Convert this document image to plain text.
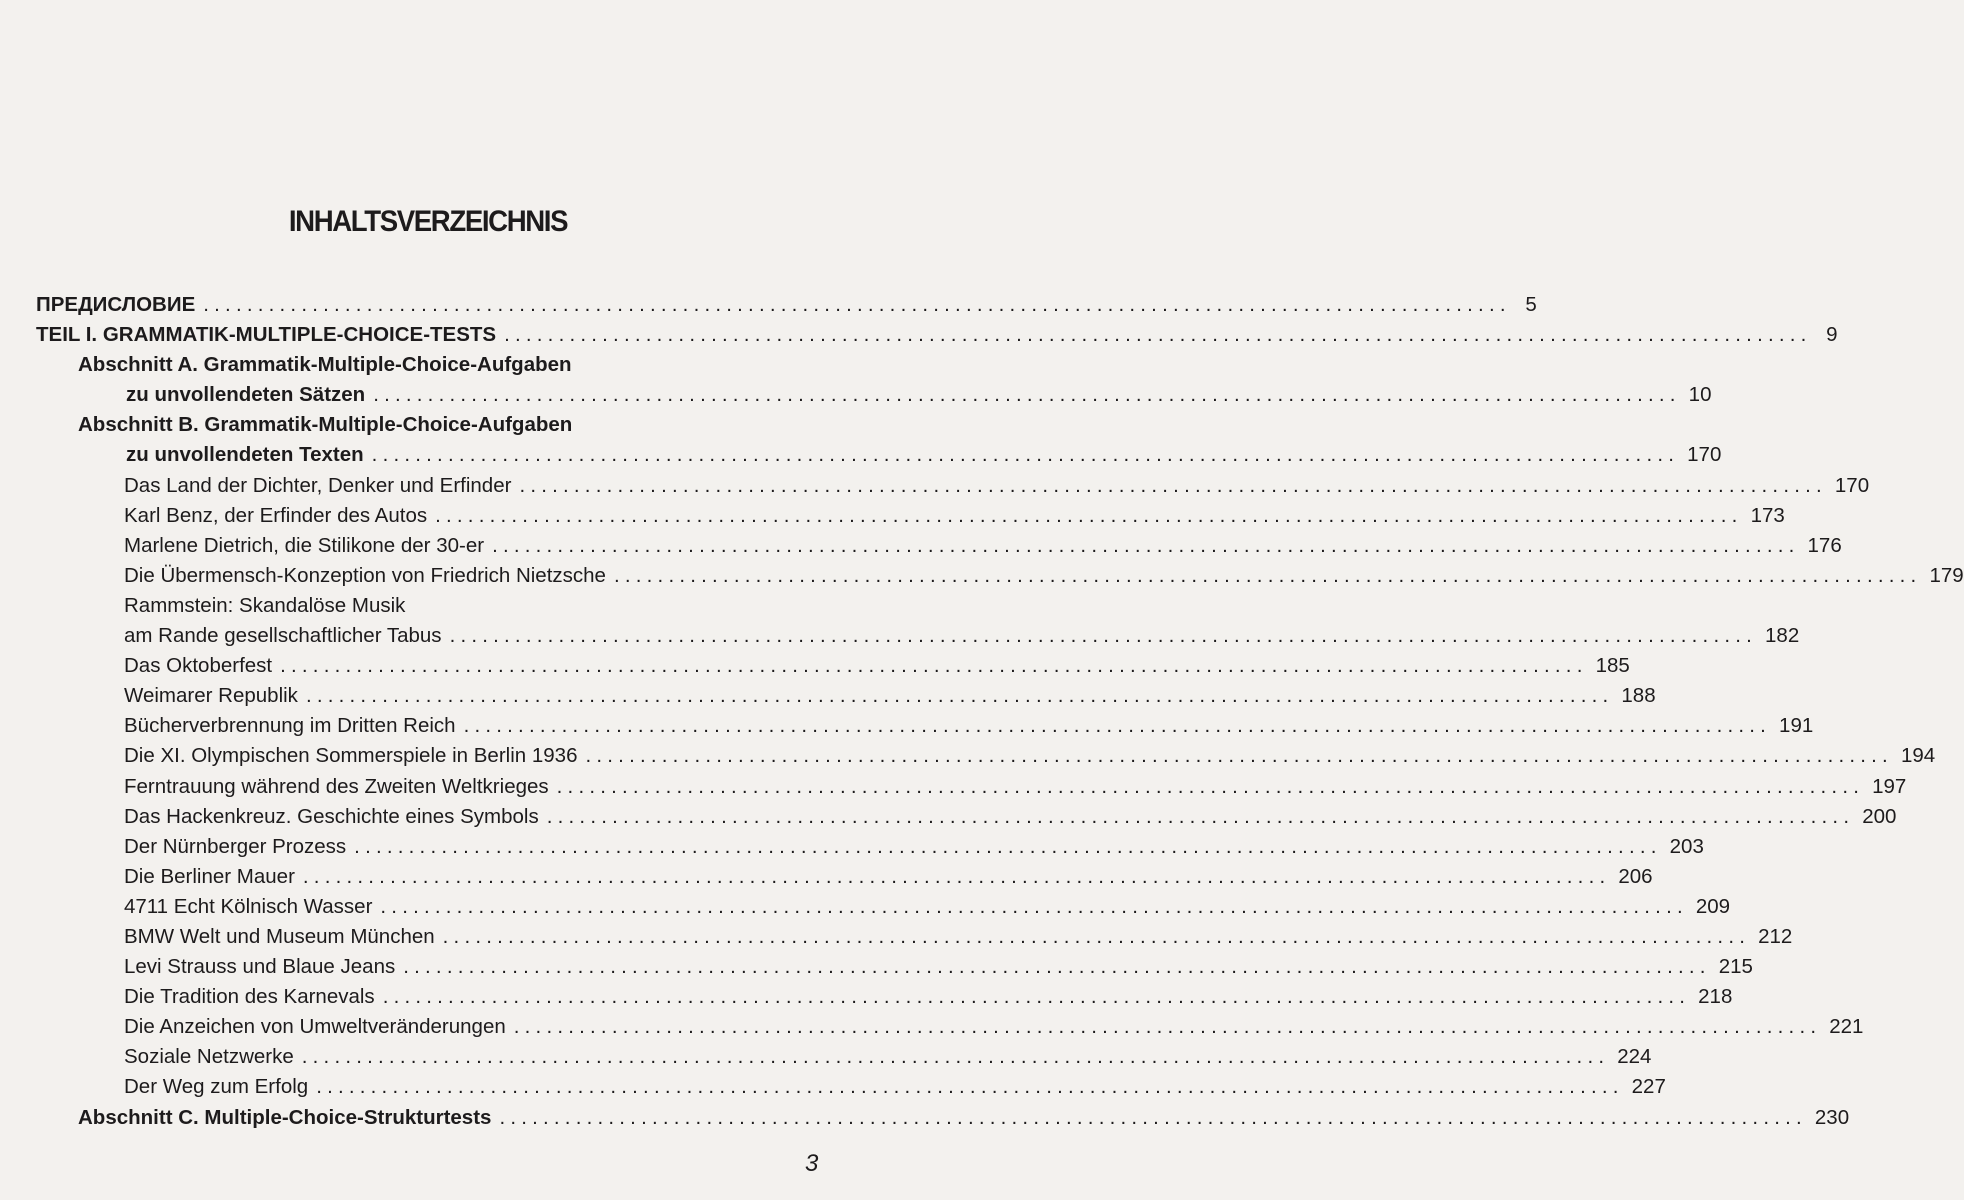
INHALTSVERZEICHNIS
ПРЕДИСЛОВИЕ ........................................................................................................................ 5
TEIL I. GRAMMATIK-MULTIPLE-CHOICE-TESTS ........................................................................................................................ 9
Abschnitt A. Grammatik-Multiple-Choice-Aufgaben
zu unvollendeten Sätzen ........................................................................................................................ 10
Abschnitt B. Grammatik-Multiple-Choice-Aufgaben
zu unvollendeten Texten ........................................................................................................................ 170
Das Land der Dichter, Denker und Erfinder ........................................................................................................................ 170
Karl Benz, der Erfinder des Autos ........................................................................................................................ 173
Marlene Dietrich, die Stilikone der 30-er ........................................................................................................................ 176
Die Übermensch-Konzeption von Friedrich Nietzsche ........................................................................................................................ 179
Rammstein: Skandalöse Musik
am Rande gesellschaftlicher Tabus ........................................................................................................................ 182
Das Oktoberfest ........................................................................................................................ 185
Weimarer Republik ........................................................................................................................ 188
Bücherverbrennung im Dritten Reich ........................................................................................................................ 191
Die XI. Olympischen Sommerspiele in Berlin 1936 ........................................................................................................................ 194
Ferntrauung während des Zweiten Weltkrieges ........................................................................................................................ 197
Das Hackenkreuz. Geschichte eines Symbols ........................................................................................................................ 200
Der Nürnberger Prozess ........................................................................................................................ 203
Die Berliner Mauer ........................................................................................................................ 206
4711 Echt Kölnisch Wasser ........................................................................................................................ 209
BMW Welt und Museum München ........................................................................................................................ 212
Levi Strauss und Blaue Jeans ........................................................................................................................ 215
Die Tradition des Karnevals ........................................................................................................................ 218
Die Anzeichen von Umweltveränderungen ........................................................................................................................ 221
Soziale Netzwerke ........................................................................................................................ 224
Der Weg zum Erfolg ........................................................................................................................ 227
Abschnitt C. Multiple-Choice-Strukturtests ........................................................................................................................ 230
3
